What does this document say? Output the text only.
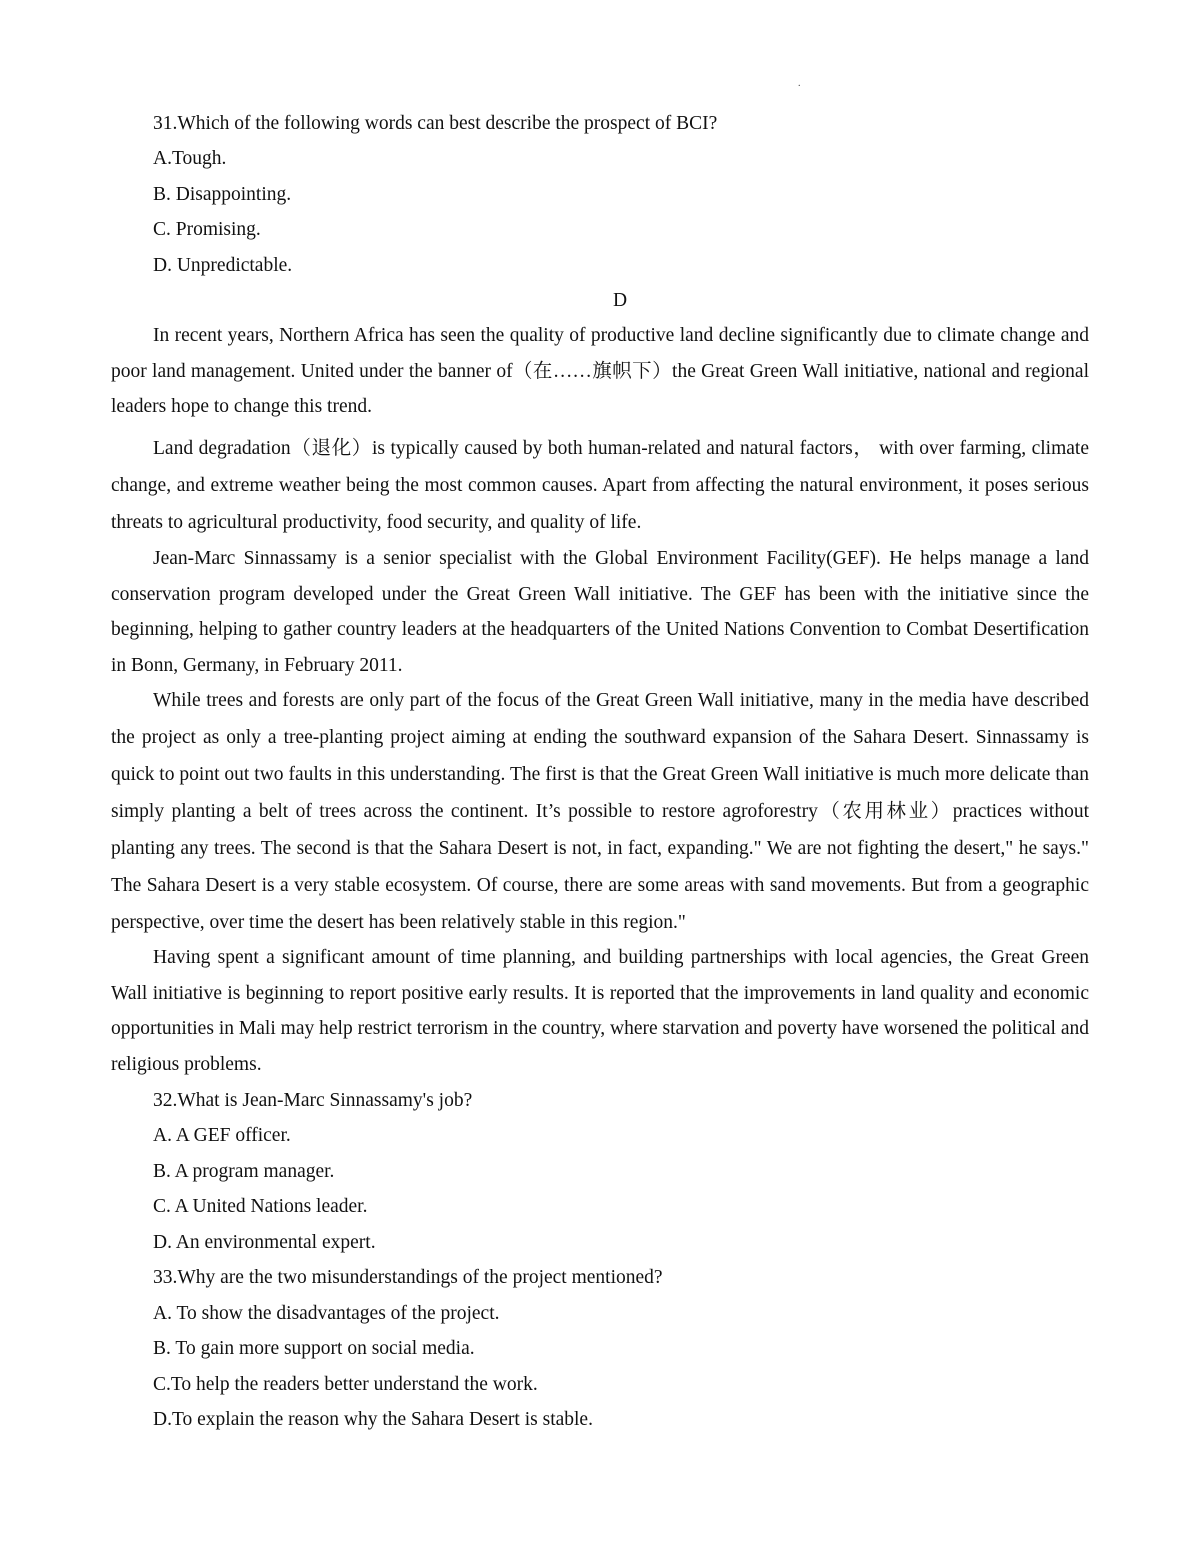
.
31.Which of the following words can best describe the prospect of BCI?
A.Tough.
B. Disappointing.
C. Promising.
D. Unpredictable.
D

In recent years, Northern Africa has seen the quality of productive land decline significantly due to climate change and poor land management. United under the banner of（在……旗帜下）the Great Green Wall initiative, national and regional leaders hope to change this trend.

Land degradation（退化）is typically caused by both human-related and natural factors， with over farming, climate change, and extreme weather being the most common causes. Apart from affecting the natural environment, it poses serious threats to agricultural productivity, food security, and quality of life.

Jean-Marc Sinnassamy is a senior specialist with the Global Environment Facility(GEF). He helps manage a land conservation program developed under the Great Green Wall initiative. The GEF has been with the initiative since the beginning, helping to gather country leaders at the headquarters of the United Nations Convention to Combat Desertification in Bonn, Germany, in February 2011.

While trees and forests are only part of the focus of the Great Green Wall initiative, many in the media have described the project as only a tree-planting project aiming at ending the southward expansion of the Sahara Desert. Sinnassamy is quick to point out two faults in this understanding. The first is that the Great Green Wall initiative is much more delicate than simply planting a belt of trees across the continent. It’s possible to restore agroforestry（农用林业）practices without planting any trees. The second is that the Sahara Desert is not, in fact, expanding." We are not fighting the desert," he says." The Sahara Desert is a very stable ecosystem. Of course, there are some areas with sand movements. But from a geographic perspective, over time the desert has been relatively stable in this region."

Having spent a significant amount of time planning, and building partnerships with local agencies, the Great Green Wall initiative is beginning to report positive early results. It is reported that the improvements in land quality and economic opportunities in Mali may help restrict terrorism in the country, where starvation and poverty have worsened the political and religious problems.

32.What is Jean-Marc Sinnassamy's job?
A. A GEF officer.
B. A program manager.
C. A United Nations leader.
D. An environmental expert.
33.Why are the two misunderstandings of the project mentioned?
A. To show the disadvantages of the project.
B. To gain more support on social media.
C.To help the readers better understand the work.
D.To explain the reason why the Sahara Desert is stable.
